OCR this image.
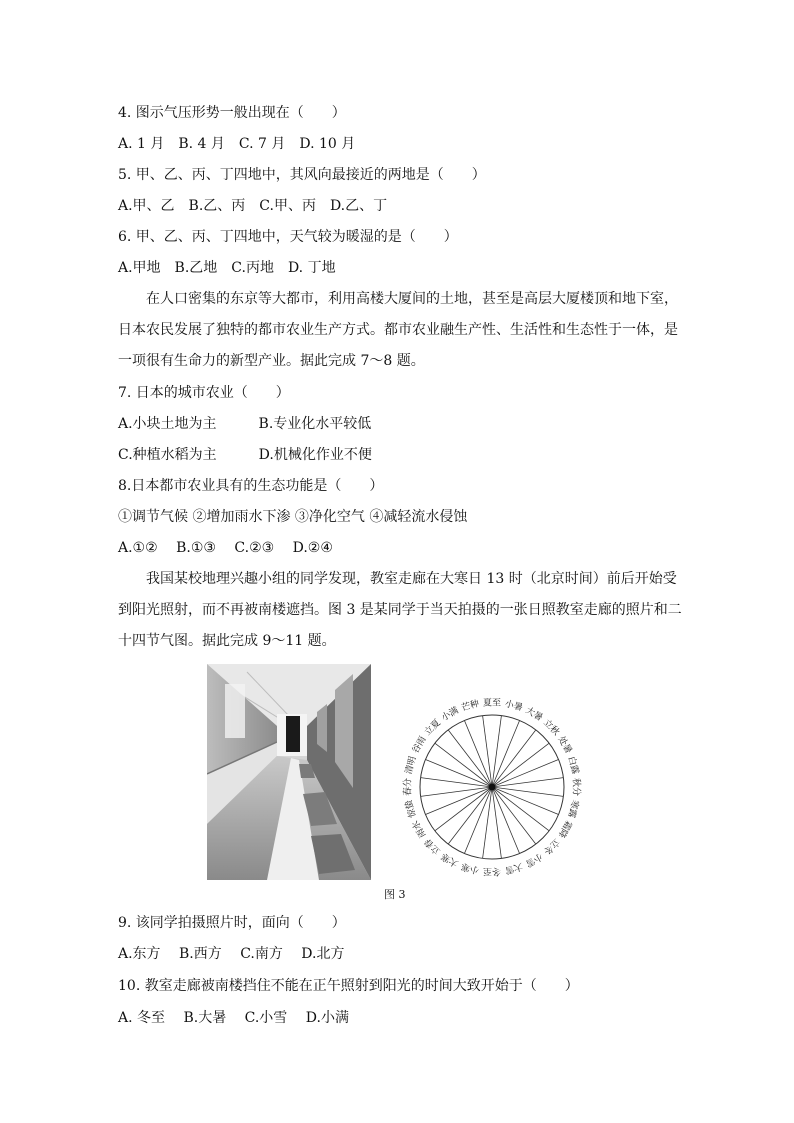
4. 图示气压形势一般出现在（　　）
A. 1 月　B. 4 月　C. 7 月　D. 10 月
5. 甲、乙、丙、丁四地中，其风向最接近的两地是（　　）
A.甲、乙　B.乙、丙　C.甲、丙　D.乙、丁
6. 甲、乙、丙、丁四地中，天气较为暖湿的是（　　）
A.甲地　B.乙地　C.丙地　D. 丁地
在人口密集的东京等大都市，利用高楼大厦间的土地，甚至是高层大厦楼顶和地下室，
日本农民发展了独特的都市农业生产方式。都市农业融生产性、生活性和生态性于一体，是
一项很有生命力的新型产业。据此完成 7～8 题。
7. 日本的城市农业（　　）
A.小块土地为主　　　B.专业化水平较低
C.种植水稻为主　　　D.机械化作业不便
8.日本都市农业具有的生态功能是（　　）
①调节气候 ②增加雨水下渗 ③净化空气 ④减轻流水侵蚀
A.①②　 B.①③　 C.②③　 D.②④
我国某校地理兴趣小组的同学发现，教室走廊在大寒日 13 时（北京时间）前后开始受
到阳光照射，而不再被南楼遮挡。图 3 是某同学于当天拍摄的一张日照教室走廊的照片和二
十四节气图。据此完成 9～11 题。
夏至 小暑 大暑
立秋
处暑
白露
秋分
寒露
霜降
立冬
小雪
大雪
冬至
小寒
大寒
立春
雨水
惊蛰
春分
清明
谷雨
立夏
小满 芒种
图 3
9. 该同学拍摄照片时，面向（　　）
A.东方　 B.西方　 C.南方　 D.北方
10. 教室走廊被南楼挡住不能在正午照射到阳光的时间大致开始于（　　）
A. 冬至　 B.大暑　 C.小雪　 D.小满
